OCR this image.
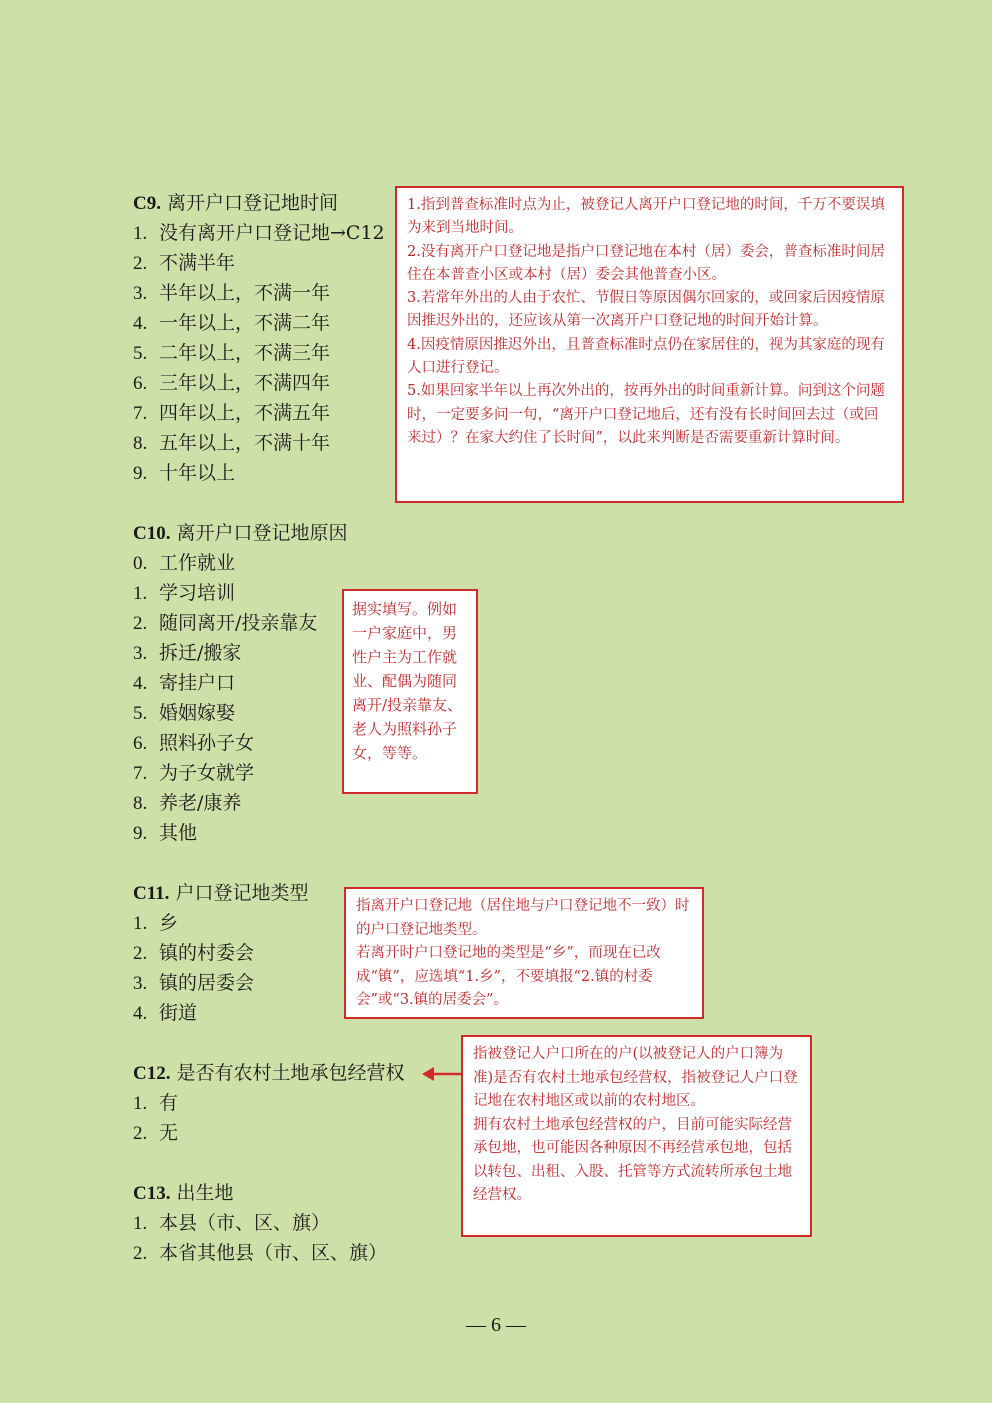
C9. 离开户口登记地时间
1. 没有离开户口登记地→C12
2. 不满半年
3. 半年以上，不满一年
4. 一年以上，不满二年
5. 二年以上，不满三年
6. 三年以上，不满四年
7. 四年以上，不满五年
8. 五年以上，不满十年
9. 十年以上

1.指到普查标准时点为止，被登记人离开户口登记地的时间，千万不要误填为来到当地时间。

2.没有离开户口登记地是指户口登记地在本村（居）委会，普查标准时间居住在本普查小区或本村（居）委会其他普查小区。

3.若常年外出的人由于农忙、节假日等原因偶尔回家的，或回家后因疫情原因推迟外出的，还应该从第一次离开户口登记地的时间开始计算。

4.因疫情原因推迟外出，且普查标准时点仍在家居住的，视为其家庭的现有人口进行登记。

5.如果回家半年以上再次外出的，按再外出的时间重新计算。问到这个问题时，一定要多问一句，“离开户口登记地后，还有没有长时间回去过（或回来过）？在家大约住了长时间”，以此来判断是否需要重新计算时间。

C10. 离开户口登记地原因
0. 工作就业
1. 学习培训
2. 随同离开/投亲靠友
3. 拆迁/搬家
4. 寄挂户口
5. 婚姻嫁娶
6. 照料孙子女
7. 为子女就学
8. 养老/康养
9. 其他

据实填写。例如一户家庭中，男性户主为工作就业、配偶为随同离开/投亲靠友、老人为照料孙子女，等等。

C11. 户口登记地类型
1. 乡
2. 镇的村委会
3. 镇的居委会
4. 街道

指离开户口登记地（居住地与户口登记地不一致）时的户口登记地类型。

若离开时户口登记地的类型是“乡”，而现在已改成“镇”，应选填“1.乡”，不要填报“2.镇的村委会”或“3.镇的居委会”。

C12. 是否有农村土地承包经营权
1. 有
2. 无

指被登记人户口所在的户(以被登记人的户口簿为准)是否有农村土地承包经营权，指被登记人户口登记地在农村地区或以前的农村地区。

拥有农村土地承包经营权的户，目前可能实际经营承包地，也可能因各种原因不再经营承包地，包括以转包、出租、入股、托管等方式流转所承包土地经营权。

C13. 出生地
1. 本县（市、区、旗）
2. 本省其他县（市、区、旗）
— 6 —
